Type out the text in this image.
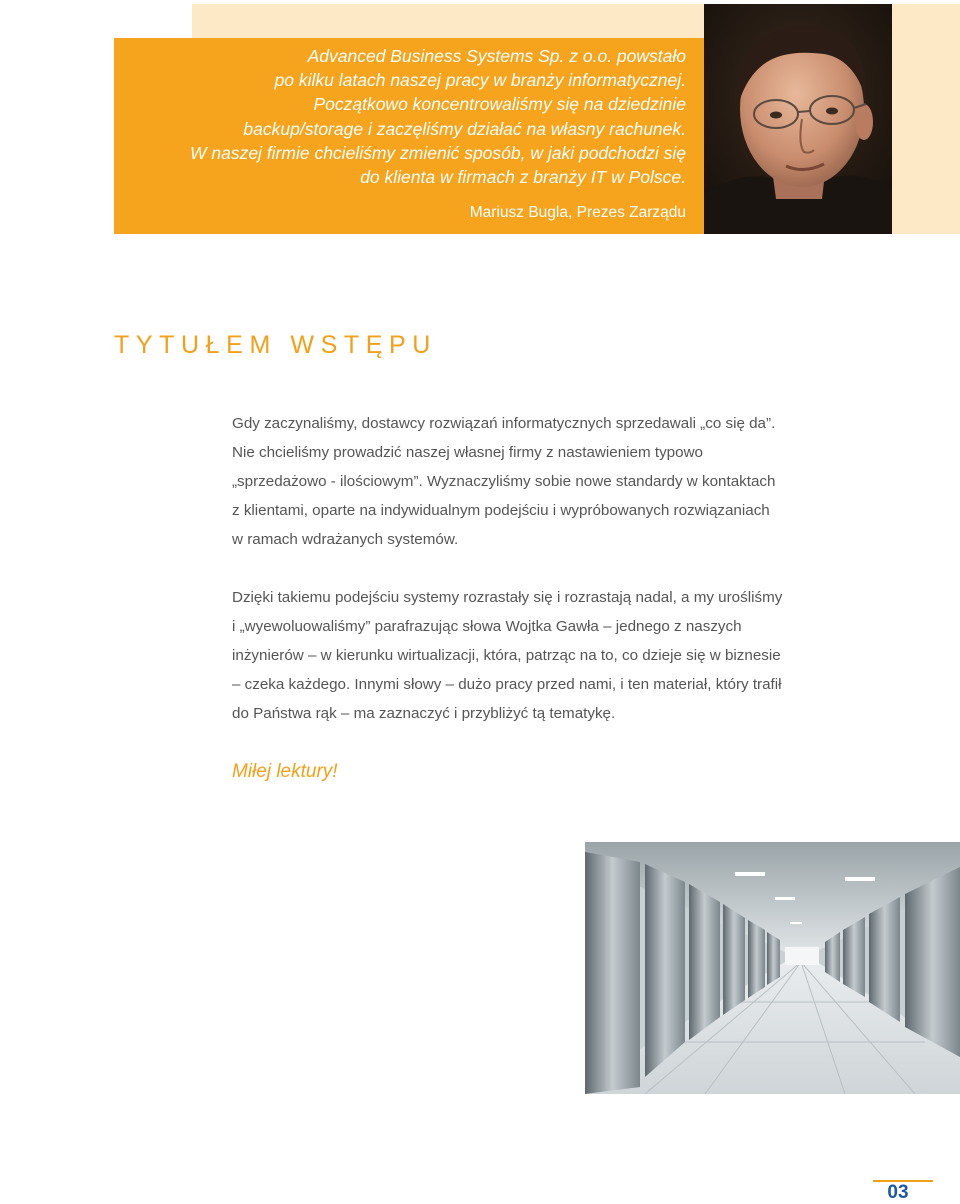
Advanced Business Systems Sp. z o.o. powstało
po kilku latach naszej pracy w branży informatycznej.
Początkowo koncentrowaliśmy się na dziedzinie
backup/storage i zaczęliśmy działać na własny rachunek.
W naszej firmie chcieliśmy zmienić sposób, w jaki podchodzi się
do klienta w firmach z branży IT w Polsce.
Mariusz Bugla, Prezes Zarządu
TYTUŁEM WSTĘPU
Gdy zaczynaliśmy, dostawcy rozwiązań informatycznych sprzedawali „co się da”.
Nie chcieliśmy prowadzić naszej własnej firmy z nastawieniem typowo
„sprzedażowo - ilościowym”. Wyznaczyliśmy sobie nowe standardy w kontaktach
z klientami, oparte na indywidualnym podejściu i wypróbowanych rozwiązaniach
w ramach wdrażanych systemów.
Dzięki takiemu podejściu systemy rozrastały się i rozrastają nadal, a my urośliśmy
i „wyewoluowaliśmy” parafrazując słowa Wojtka Gawła – jednego z naszych
inżynierów – w kierunku wirtualizacji, która, patrząc na to, co dzieje się w biznesie
– czeka każdego. Innymi słowy – dużo pracy przed nami, i ten materiał, który trafił
do Państwa rąk – ma zaznaczyć i przybliżyć tą tematykę.
Miłej lektury!
03
